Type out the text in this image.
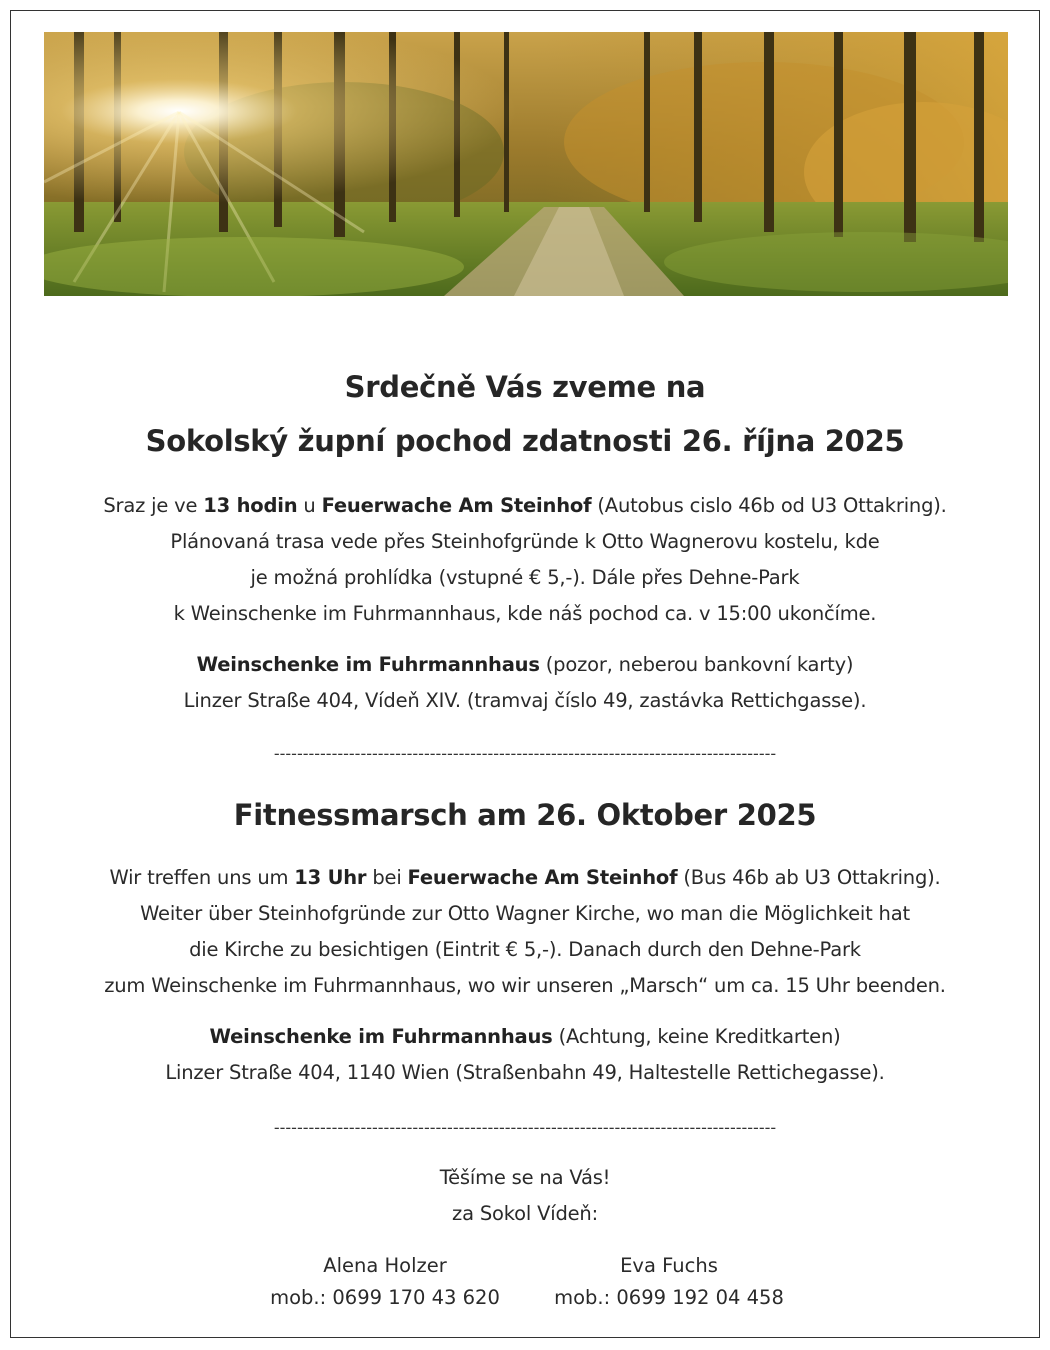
Srdečně Vás zveme na
Sokolský župní pochod zdatnosti 26. října 2025
Sraz je ve 13 hodin u Feuerwache Am Steinhof (Autobus cislo 46b od U3 Ottakring).
Plánovaná trasa vede přes Steinhofgründe k Otto Wagnerovu kostelu, kde
je možná prohlídka (vstupné € 5,-). Dále přes Dehne-Park
k Weinschenke im Fuhrmannhaus, kde náš pochod ca. v 15:00 ukončíme.
Weinschenke im Fuhrmannhaus (pozor, neberou bankovní karty)
Linzer Straße 404, Vídeň XIV. (tramvaj číslo 49, zastávka Rettichgasse).
---------------------------------------------------------------------------------------
Fitnessmarsch am 26. Oktober 2025
Wir treffen uns um 13 Uhr bei Feuerwache Am Steinhof (Bus 46b ab U3 Ottakring).
Weiter über Steinhofgründe zur Otto Wagner Kirche, wo man die Möglichkeit hat
die Kirche zu besichtigen (Eintrit € 5,-). Danach durch den Dehne-Park
zum Weinschenke im Fuhrmannhaus, wo wir unseren „Marsch“ um ca. 15 Uhr beenden.
Weinschenke im Fuhrmannhaus (Achtung, keine Kreditkarten)
Linzer Straße 404, 1140 Wien (Straßenbahn 49, Haltestelle Rettichegasse).
---------------------------------------------------------------------------------------
Těšíme se na Vás!
za Sokol Vídeň:
Alena Holzer
mob.: 0699 170 43 620
Eva Fuchs
mob.: 0699 192 04 458
